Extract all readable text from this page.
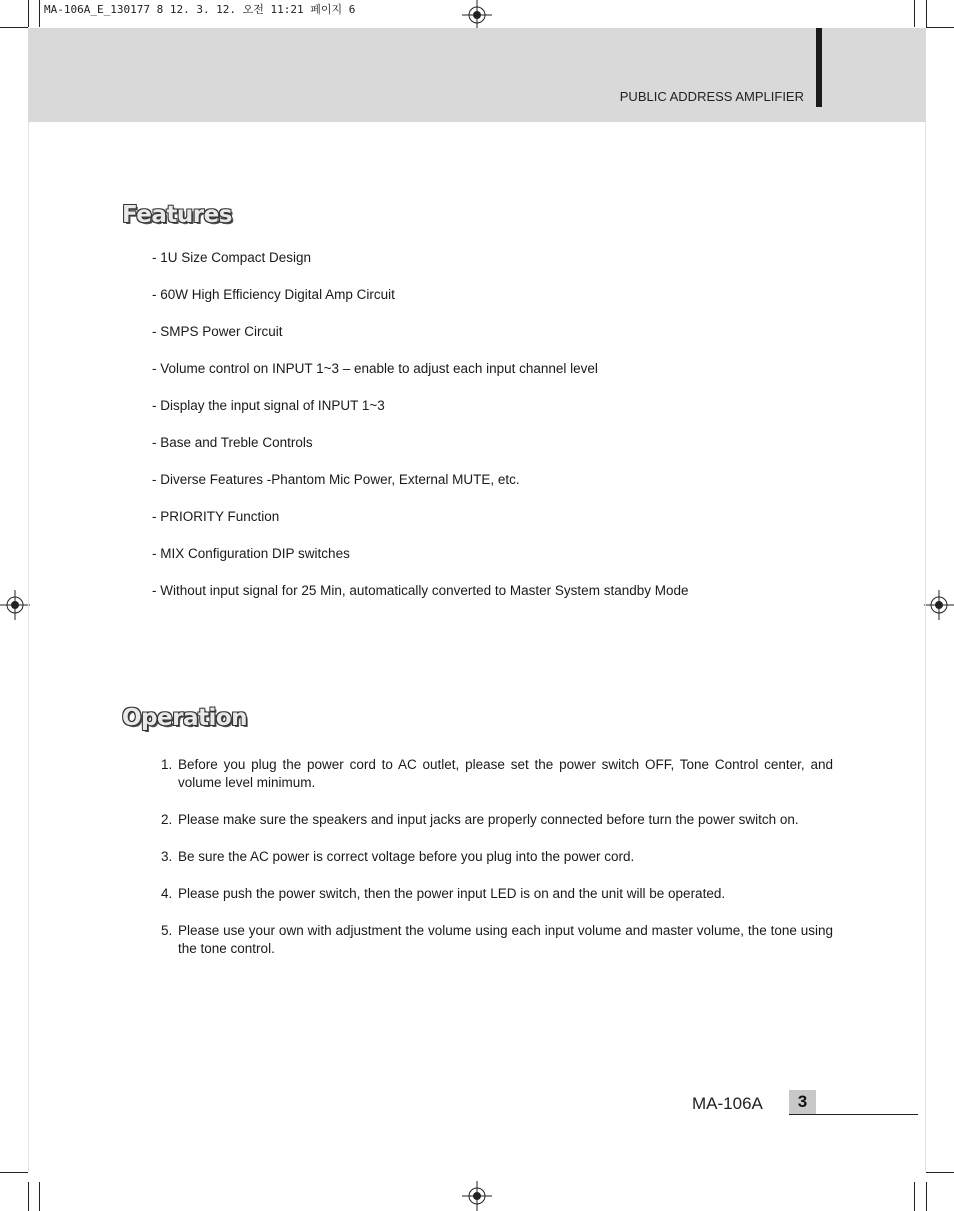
MA-106A_E_130177 8 12. 3. 12. 오전 11:21 페이지 6
PUBLIC ADDRESS AMPLIFIER
Features
- 1U Size Compact Design
- 60W High Efficiency Digital Amp Circuit
- SMPS Power Circuit
- Volume control on INPUT 1~3 – enable to adjust each input channel level
- Display the input signal of INPUT 1~3
- Base and Treble Controls
- Diverse Features -Phantom Mic Power, External MUTE, etc.
- PRIORITY Function
- MIX Configuration DIP switches
- Without input signal for 25 Min, automatically converted to Master System standby Mode
Operation
1. Before you plug the power cord to AC outlet, please set the power switch OFF, Tone Control center, and volume level minimum.
2. Please make sure the speakers and input jacks are properly connected before turn the power switch on.
3. Be sure the AC power is correct voltage before you plug into the power cord.
4. Please push the power switch, then the power input LED is on and the unit will be operated.
5. Please use your own with adjustment the volume using each input volume and master volume, the tone using the tone control.
MA-106A	3
